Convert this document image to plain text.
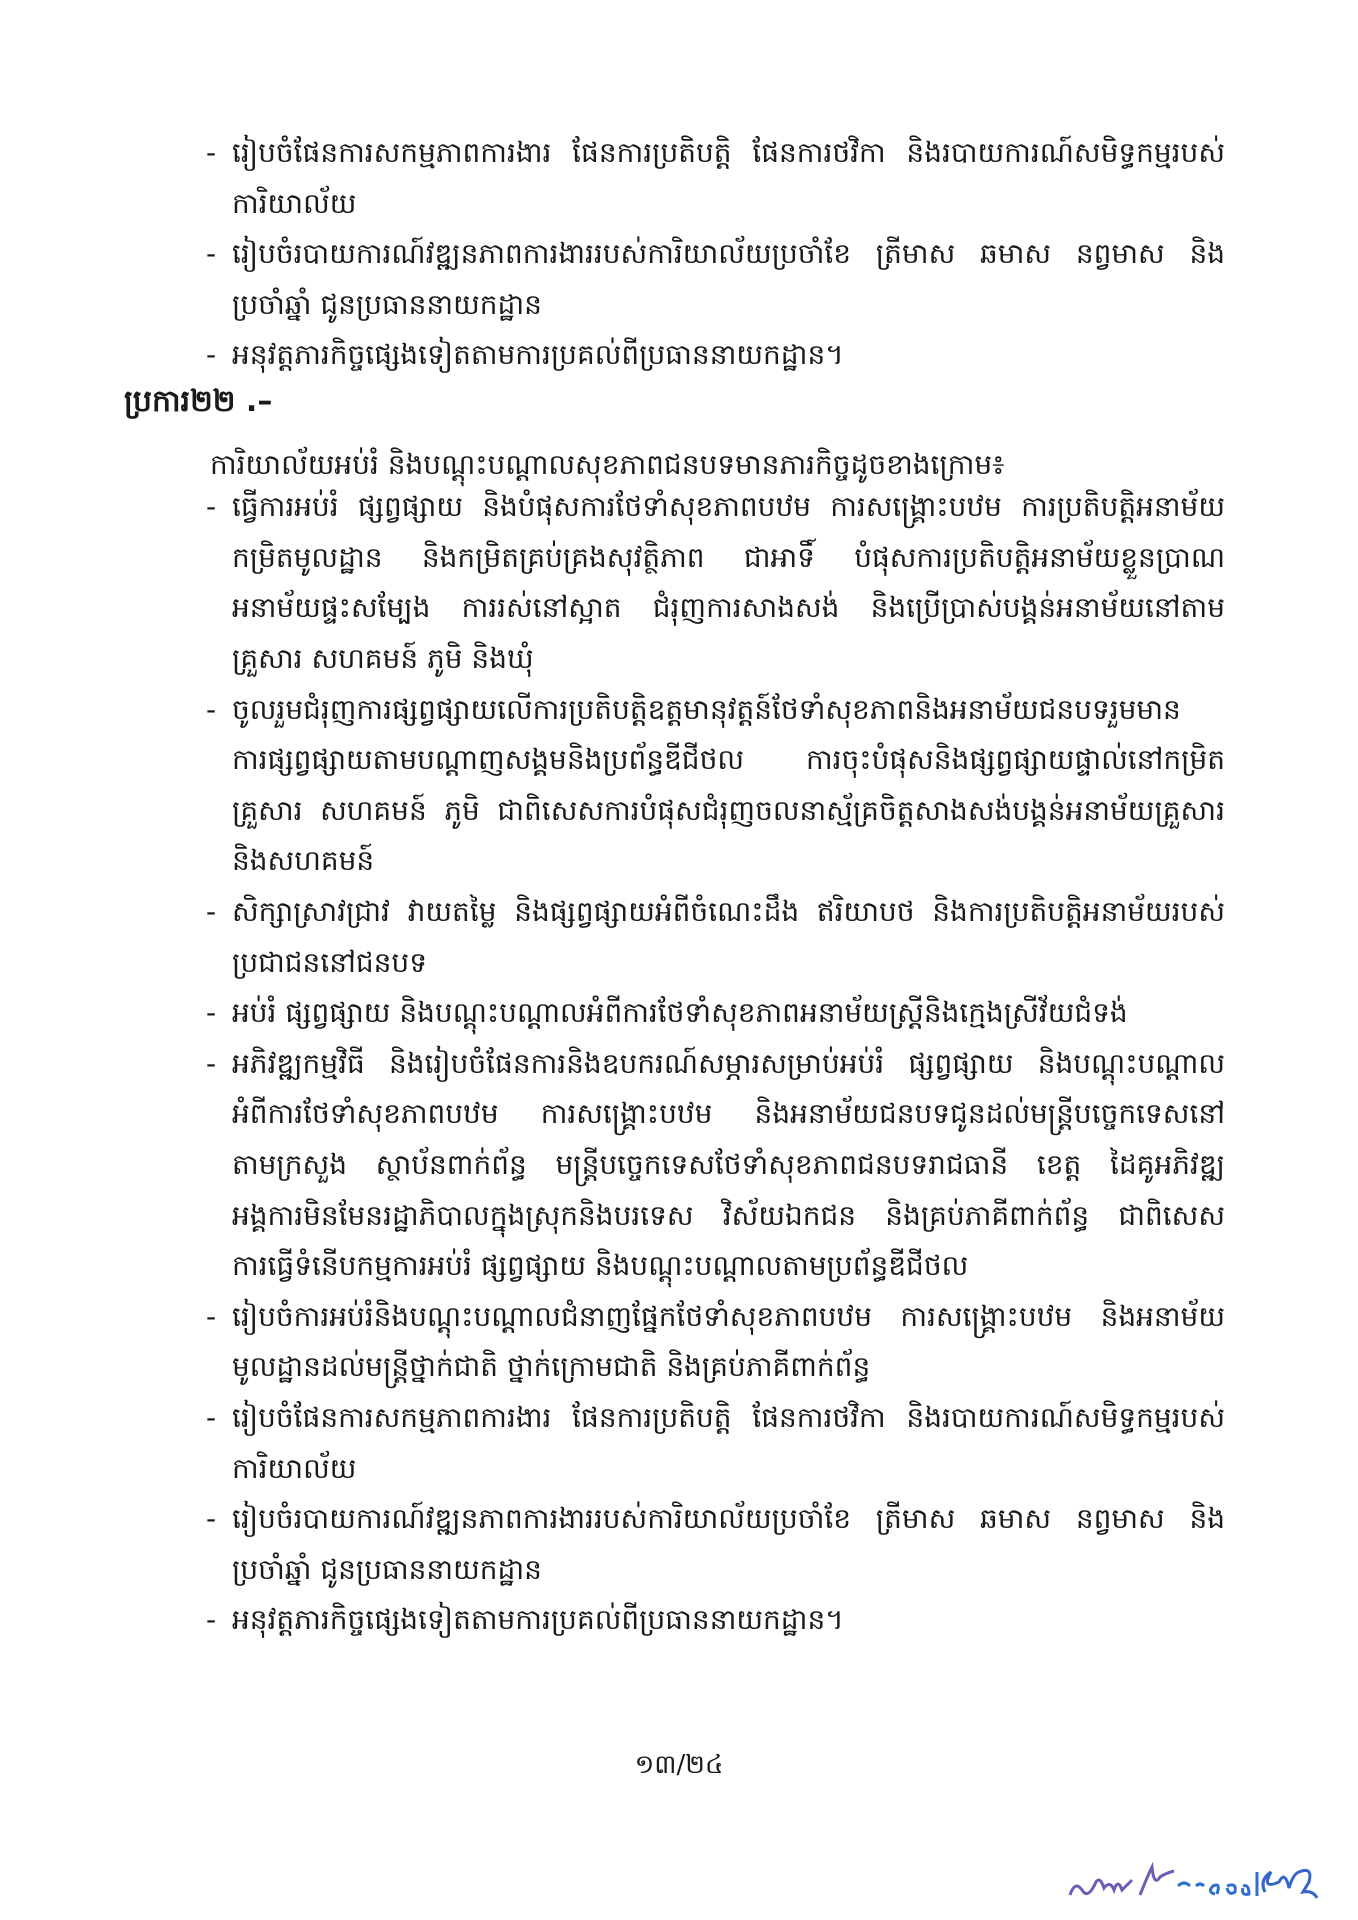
- រៀបចំផែនការសកម្មភាពការងារ ផែនការប្រតិបត្តិ ផែនការថវិកា និងរបាយការណ៍សមិទ្ធកម្មរបស់
ការិយាល័យ
- រៀបចំរបាយការណ៍វឌ្ឍនភាពការងាររបស់ការិយាល័យប្រចាំខែ ត្រីមាស ឆមាស នព្វមាស និង
ប្រចាំឆ្នាំ ជូនប្រធាននាយកដ្ឋាន
- អនុវត្តភារកិច្ចផ្សេងទៀតតាមការប្រគល់ពីប្រធាននាយកដ្ឋាន។
ប្រការ២២ .–
- ធ្វើការអប់រំ ផ្សព្វផ្សាយ និងបំផុសការថែទាំសុខភាពបឋម ការសង្គ្រោះបឋម ការប្រតិបត្តិអនាម័យ
កម្រិតមូលដ្ឋាន និងកម្រិតគ្រប់គ្រងសុវត្ថិភាព ជាអាទិ៍ បំផុសការប្រតិបត្តិអនាម័យខ្លួនប្រាណ
អនាម័យផ្ទះសម្បែង ការរស់នៅស្អាត ជំរុញការសាងសង់ និងប្រើប្រាស់បង្គន់អនាម័យនៅតាម
គ្រួសារ សហគមន៍ ភូមិ និងឃុំ
- ចូលរួមជំរុញការផ្សព្វផ្សាយលើការប្រតិបត្តិឧត្តមានុវត្តន៍ថែទាំសុខភាពនិងអនាម័យជនបទរួមមាន
ការផ្សព្វផ្សាយតាមបណ្តាញសង្គមនិងប្រព័ន្ធឌីជីថល ការចុះបំផុសនិងផ្សព្វផ្សាយផ្ទាល់នៅកម្រិត
គ្រួសារ សហគមន៍ ភូមិ ជាពិសេសការបំផុសជំរុញចលនាស្ម័គ្រចិត្តសាងសង់បង្គន់អនាម័យគ្រួសារ
និងសហគមន៍
- សិក្សាស្រាវជ្រាវ វាយតម្លៃ និងផ្សព្វផ្សាយអំពីចំណេះដឹង ឥរិយាបថ និងការប្រតិបត្តិអនាម័យរបស់
ប្រជាជននៅជនបទ
- អប់រំ ផ្សព្វផ្សាយ និងបណ្តុះបណ្តាលអំពីការថែទាំសុខភាពអនាម័យស្ត្រីនិងក្មេងស្រីវ័យជំទង់
- អភិវឌ្ឍកម្មវិធី និងរៀបចំផែនការនិងឧបករណ៍សម្ភារសម្រាប់អប់រំ ផ្សព្វផ្សាយ និងបណ្តុះបណ្តាល
អំពីការថែទាំសុខភាពបឋម ការសង្គ្រោះបឋម និងអនាម័យជនបទជូនដល់មន្ត្រីបច្ចេកទេសនៅ
តាមក្រសួង ស្ថាប័នពាក់ព័ន្ធ មន្ត្រីបច្ចេកទេសថែទាំសុខភាពជនបទរាជធានី ខេត្ត ដៃគូអភិវឌ្ឍ
អង្គការមិនមែនរដ្ឋាភិបាលក្នុងស្រុកនិងបរទេស វិស័យឯកជន និងគ្រប់ភាគីពាក់ព័ន្ធ ជាពិសេស
ការធ្វើទំនើបកម្មការអប់រំ ផ្សព្វផ្សាយ និងបណ្តុះបណ្តាលតាមប្រព័ន្ធឌីជីថល
- រៀបចំការអប់រំនិងបណ្តុះបណ្តាលជំនាញផ្នែកថែទាំសុខភាពបឋម ការសង្គ្រោះបឋម និងអនាម័យ
មូលដ្ឋានដល់មន្ត្រីថ្នាក់ជាតិ ថ្នាក់ក្រោមជាតិ និងគ្រប់ភាគីពាក់ព័ន្ធ
- រៀបចំផែនការសកម្មភាពការងារ ផែនការប្រតិបត្តិ ផែនការថវិកា និងរបាយការណ៍សមិទ្ធកម្មរបស់
ការិយាល័យ
- រៀបចំរបាយការណ៍វឌ្ឍនភាពការងាររបស់ការិយាល័យប្រចាំខែ ត្រីមាស ឆមាស នព្វមាស និង
ប្រចាំឆ្នាំ ជូនប្រធាននាយកដ្ឋាន
- អនុវត្តភារកិច្ចផ្សេងទៀតតាមការប្រគល់ពីប្រធាននាយកដ្ឋាន។
១៣/២៤
ការិយាល័យអប់រំ និងបណ្តុះបណ្តាលសុខភាពជនបទមានភារកិច្ចដូចខាងក្រោម៖
